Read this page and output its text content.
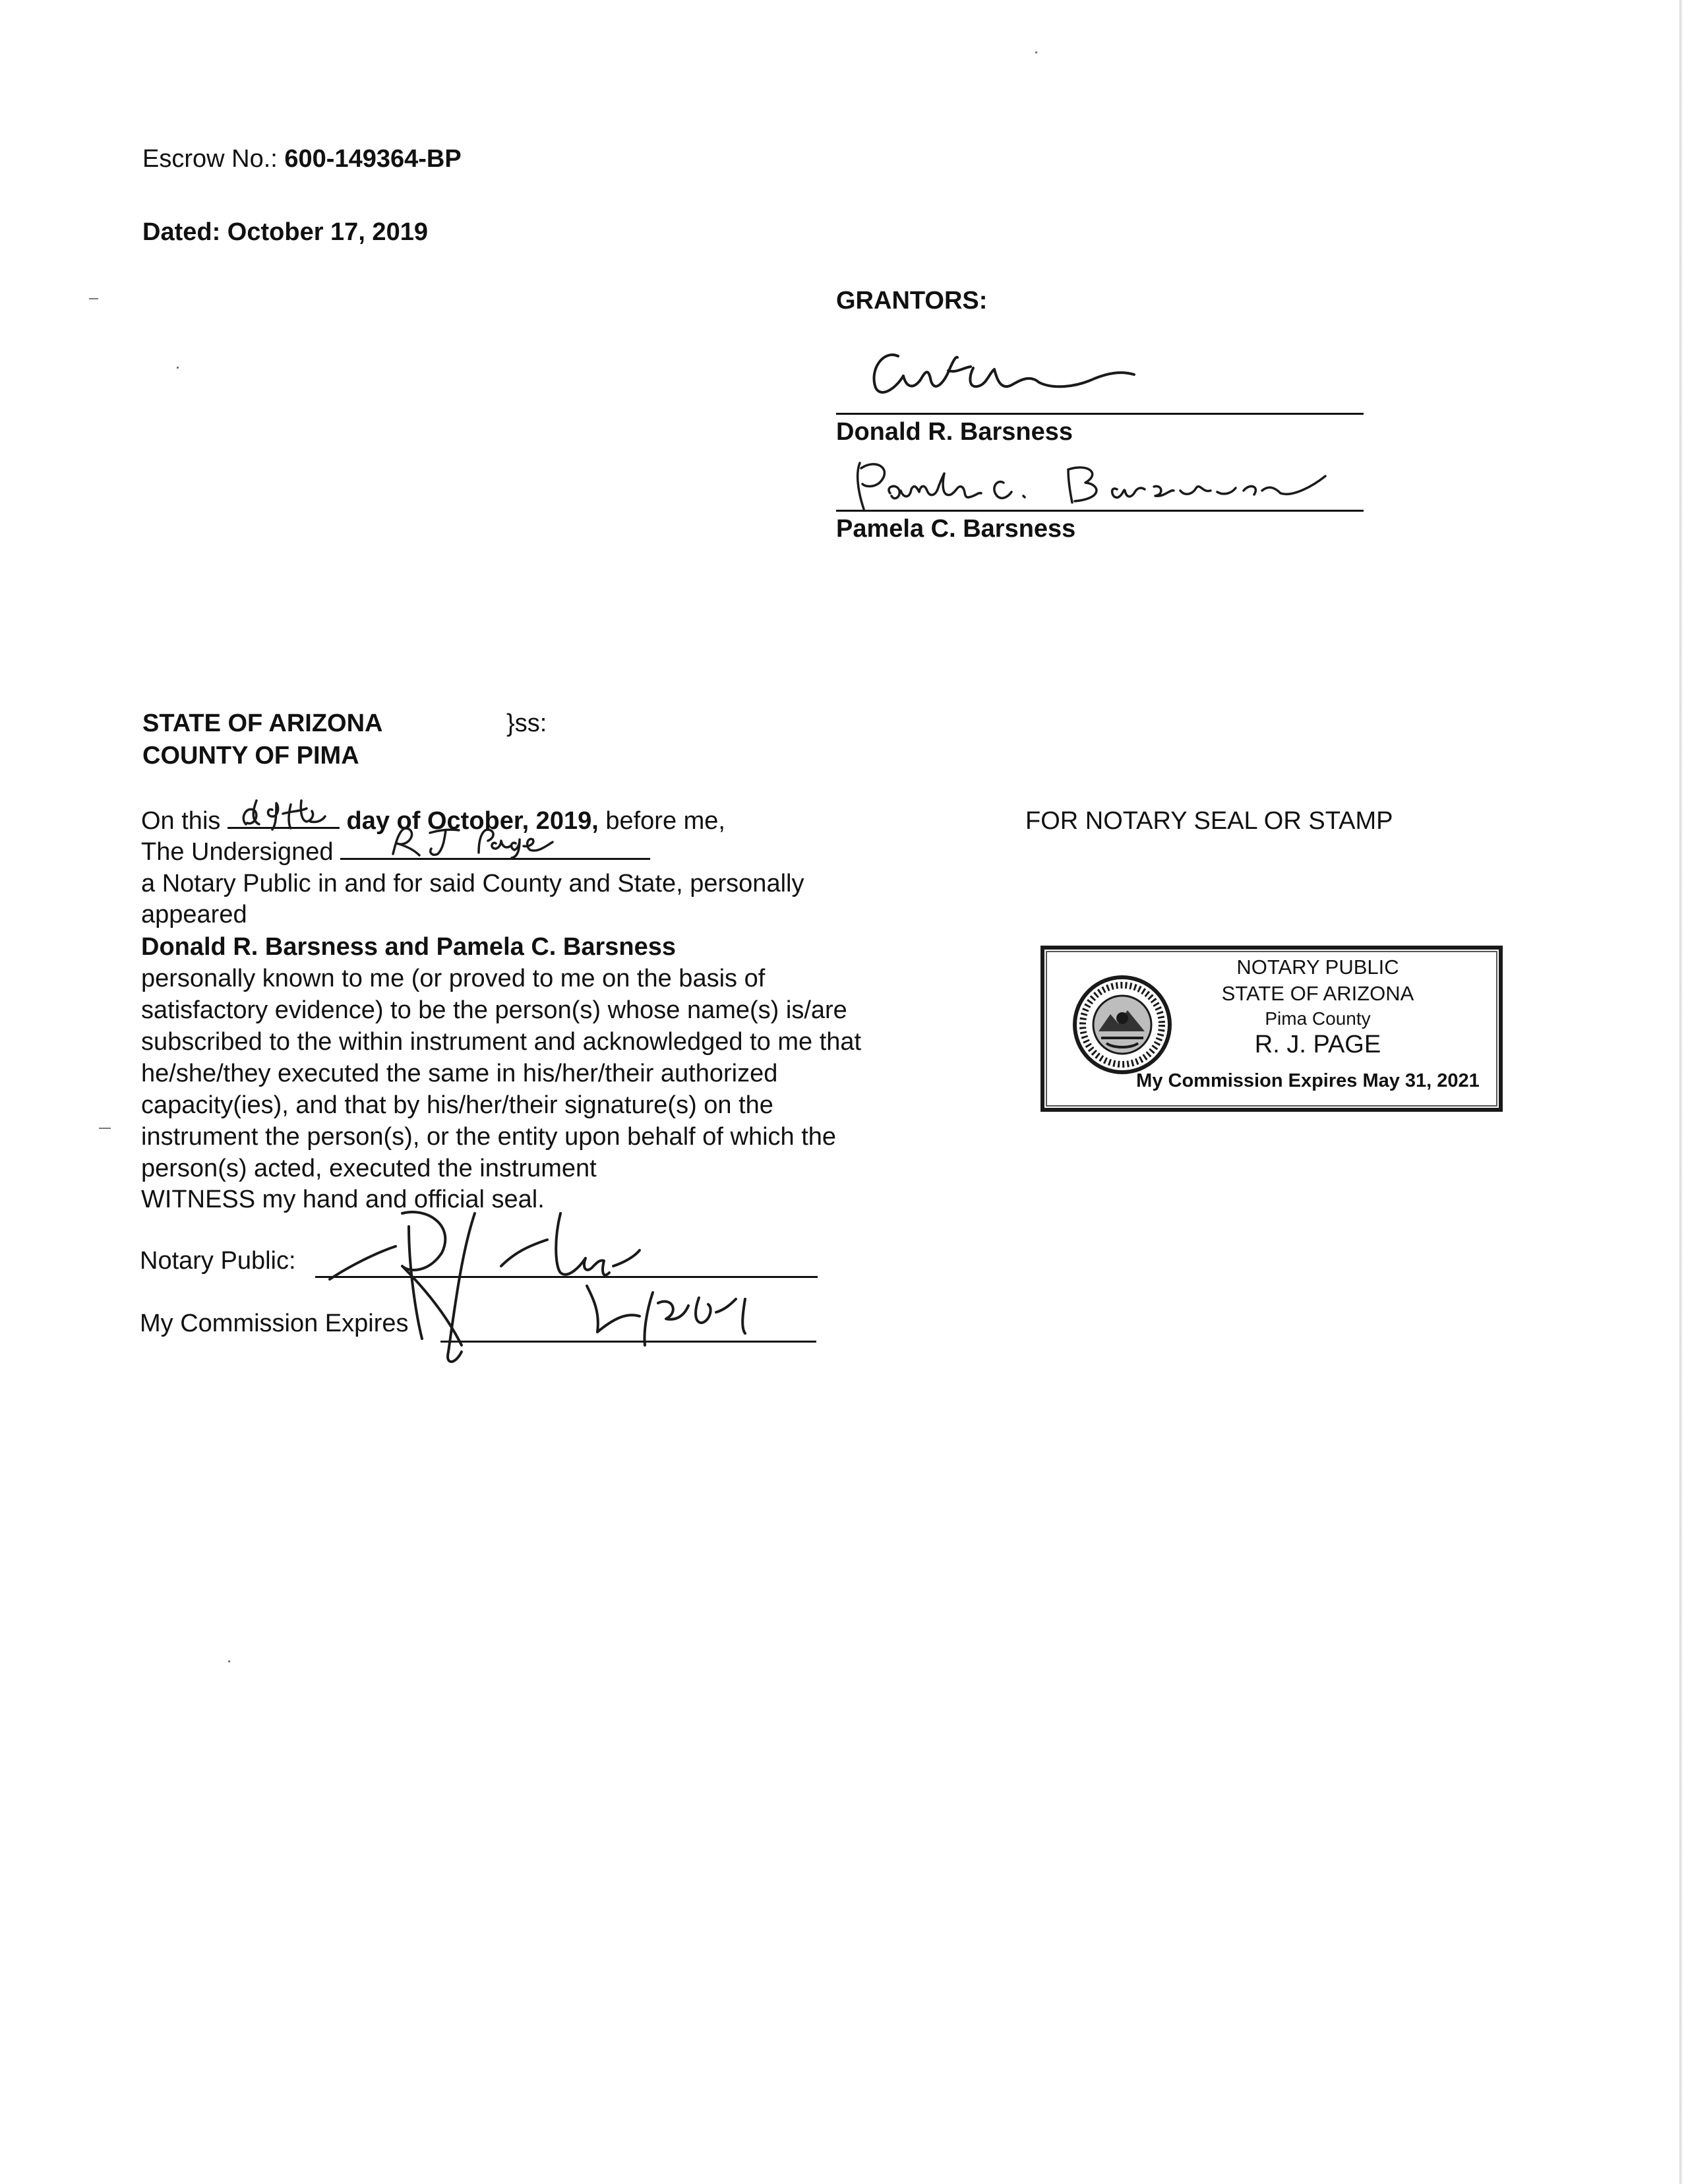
Escrow No.: 600-149364-BP
Dated: October 17, 2019
GRANTORS:
Donald R. Barsness
Pamela C. Barsness
STATE OF ARIZONA	}ss:
COUNTY OF PIMA
On this	day of October, 2019, before me,
The Undersigned
a Notary Public in and for said County and State, personally
appeared
Donald R. Barsness and Pamela C. Barsness
personally known to me (or proved to me on the basis of
satisfactory evidence) to be the person(s) whose name(s) is/are
subscribed to the within instrument and acknowledged to me that
he/she/they executed the same in his/her/their authorized
capacity(ies), and that by his/her/their signature(s) on the
instrument the person(s), or the entity upon behalf of which the
person(s) acted, executed the instrument
WITNESS my hand and official seal.
Notary Public:
My Commission Expires
FOR NOTARY SEAL OR STAMP
NOTARY PUBLIC
STATE OF ARIZONA
Pima County
R. J. PAGE
My Commission Expires May 31, 2021
